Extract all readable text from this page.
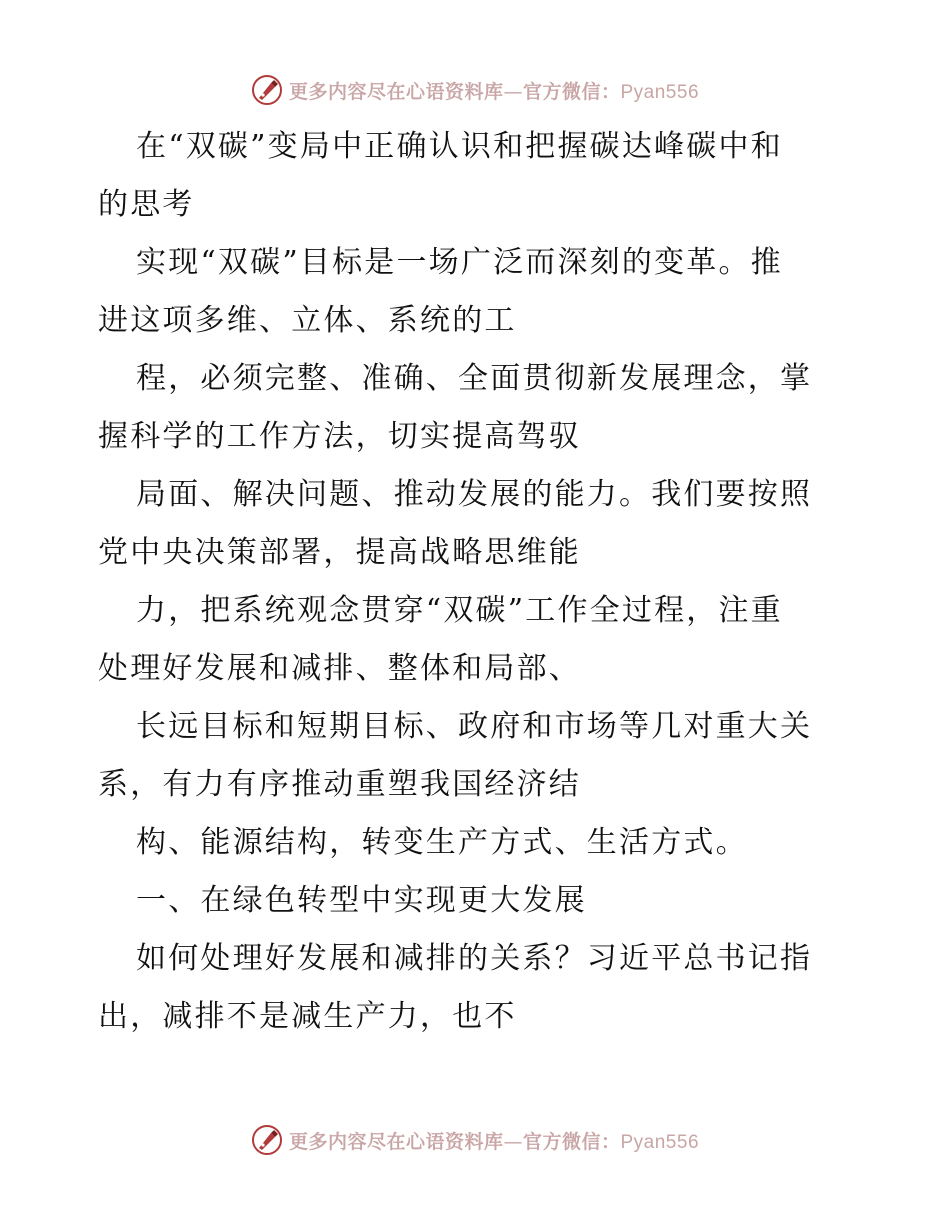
更多内容尽在心语资料库—官方微信：Pyan556
在“双碳”变局中正确认识和把握碳达峰碳中和
的思考
实现“双碳”目标是一场广泛而深刻的变革。推
进这项多维、立体、系统的工
程，必须完整、准确、全面贯彻新发展理念，掌
握科学的工作方法，切实提高驾驭
局面、解决问题、推动发展的能力。我们要按照
党中央决策部署，提高战略思维能
力，把系统观念贯穿“双碳”工作全过程，注重
处理好发展和减排、整体和局部、
长远目标和短期目标、政府和市场等几对重大关
系，有力有序推动重塑我国经济结
构、能源结构，转变生产方式、生活方式。
一、在绿色转型中实现更大发展
如何处理好发展和减排的关系？习近平总书记指
出，减排不是减生产力，也不
更多内容尽在心语资料库—官方微信：Pyan556
